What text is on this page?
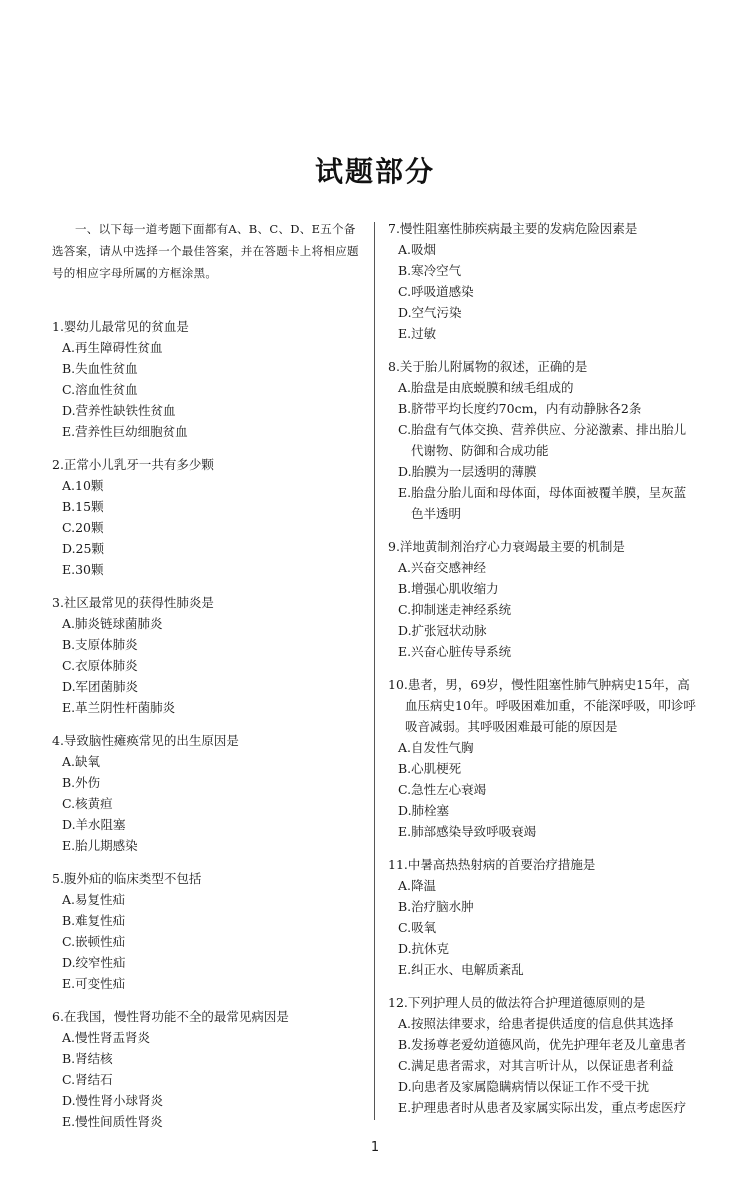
试题部分

一、以下每一道考题下面都有A、B、C、D、E五个备选答案，请从中选择一个最佳答案，并在答题卡上将相应题号的相应字母所属的方框涂黑。

1.婴幼儿最常见的贫血是

A.再生障碍性贫血

B.失血性贫血

C.溶血性贫血

D.营养性缺铁性贫血

E.营养性巨幼细胞贫血

2.正常小儿乳牙一共有多少颗

A.10颗

B.15颗

C.20颗

D.25颗

E.30颗

3.社区最常见的获得性肺炎是

A.肺炎链球菌肺炎

B.支原体肺炎

C.衣原体肺炎

D.军团菌肺炎

E.革兰阴性杆菌肺炎

4.导致脑性瘫痪常见的出生原因是

A.缺氧

B.外伤

C.核黄疸

D.羊水阻塞

E.胎儿期感染

5.腹外疝的临床类型不包括

A.易复性疝

B.难复性疝

C.嵌顿性疝

D.绞窄性疝

E.可变性疝

6.在我国，慢性肾功能不全的最常见病因是

A.慢性肾盂肾炎

B.肾结核

C.肾结石

D.慢性肾小球肾炎

E.慢性间质性肾炎

7.慢性阻塞性肺疾病最主要的发病危险因素是

A.吸烟

B.寒冷空气

C.呼吸道感染

D.空气污染

E.过敏

8.关于胎儿附属物的叙述，正确的是

A.胎盘是由底蜕膜和绒毛组成的

B.脐带平均长度约70cm，内有动静脉各2条

C.胎盘有气体交换、营养供应、分泌激素、排出胎儿代谢物、防御和合成功能

D.胎膜为一层透明的薄膜

E.胎盘分胎儿面和母体面，母体面被覆羊膜，呈灰蓝色半透明

9.洋地黄制剂治疗心力衰竭最主要的机制是

A.兴奋交感神经

B.增强心肌收缩力

C.抑制迷走神经系统

D.扩张冠状动脉

E.兴奋心脏传导系统

10.患者，男，69岁，慢性阻塞性肺气肿病史15年，高血压病史10年。呼吸困难加重，不能深呼吸，叩诊呼吸音减弱。其呼吸困难最可能的原因是

A.自发性气胸

B.心肌梗死

C.急性左心衰竭

D.肺栓塞

E.肺部感染导致呼吸衰竭

11.中暑高热热射病的首要治疗措施是

A.降温

B.治疗脑水肿

C.吸氧

D.抗休克

E.纠正水、电解质紊乱

12.下列护理人员的做法符合护理道德原则的是

A.按照法律要求，给患者提供适度的信息供其选择

B.发扬尊老爱幼道德风尚，优先护理年老及儿童患者

C.满足患者需求，对其言听计从，以保证患者利益

D.向患者及家属隐瞒病情以保证工作不受干扰

E.护理患者时从患者及家属实际出发，重点考虑医疗

1
